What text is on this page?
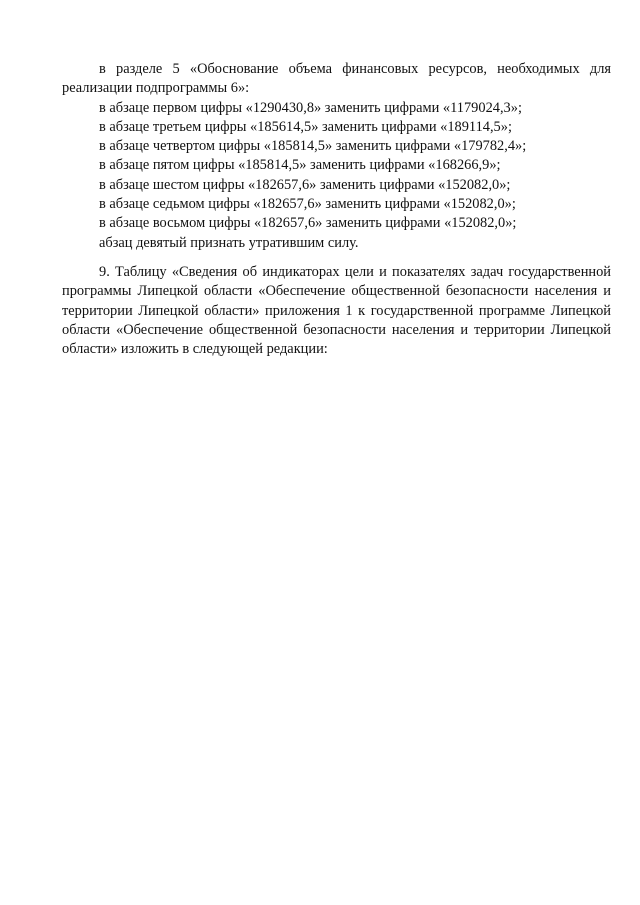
в разделе 5 «Обоснование объема финансовых ресурсов, необходимых для реализации подпрограммы 6»:

в абзаце первом цифры «1290430,8» заменить цифрами «1179024,3»;

в абзаце третьем цифры «185614,5» заменить цифрами «189114,5»;

в абзаце четвертом цифры «185814,5» заменить цифрами «179782,4»;

в абзаце пятом цифры «185814,5» заменить цифрами «168266,9»;

в абзаце шестом цифры «182657,6» заменить цифрами «152082,0»;

в абзаце седьмом цифры «182657,6» заменить цифрами «152082,0»;

в абзаце восьмом цифры «182657,6» заменить цифрами «152082,0»;

абзац девятый признать утратившим силу.

9. Таблицу «Сведения об индикаторах цели и показателях задач государственной программы Липецкой области «Обеспечение общественной безопасности населения и территории Липецкой области» приложения 1 к государственной программе Липецкой области «Обеспечение общественной безопасности населения и территории Липецкой области» изложить в следующей редакции:
